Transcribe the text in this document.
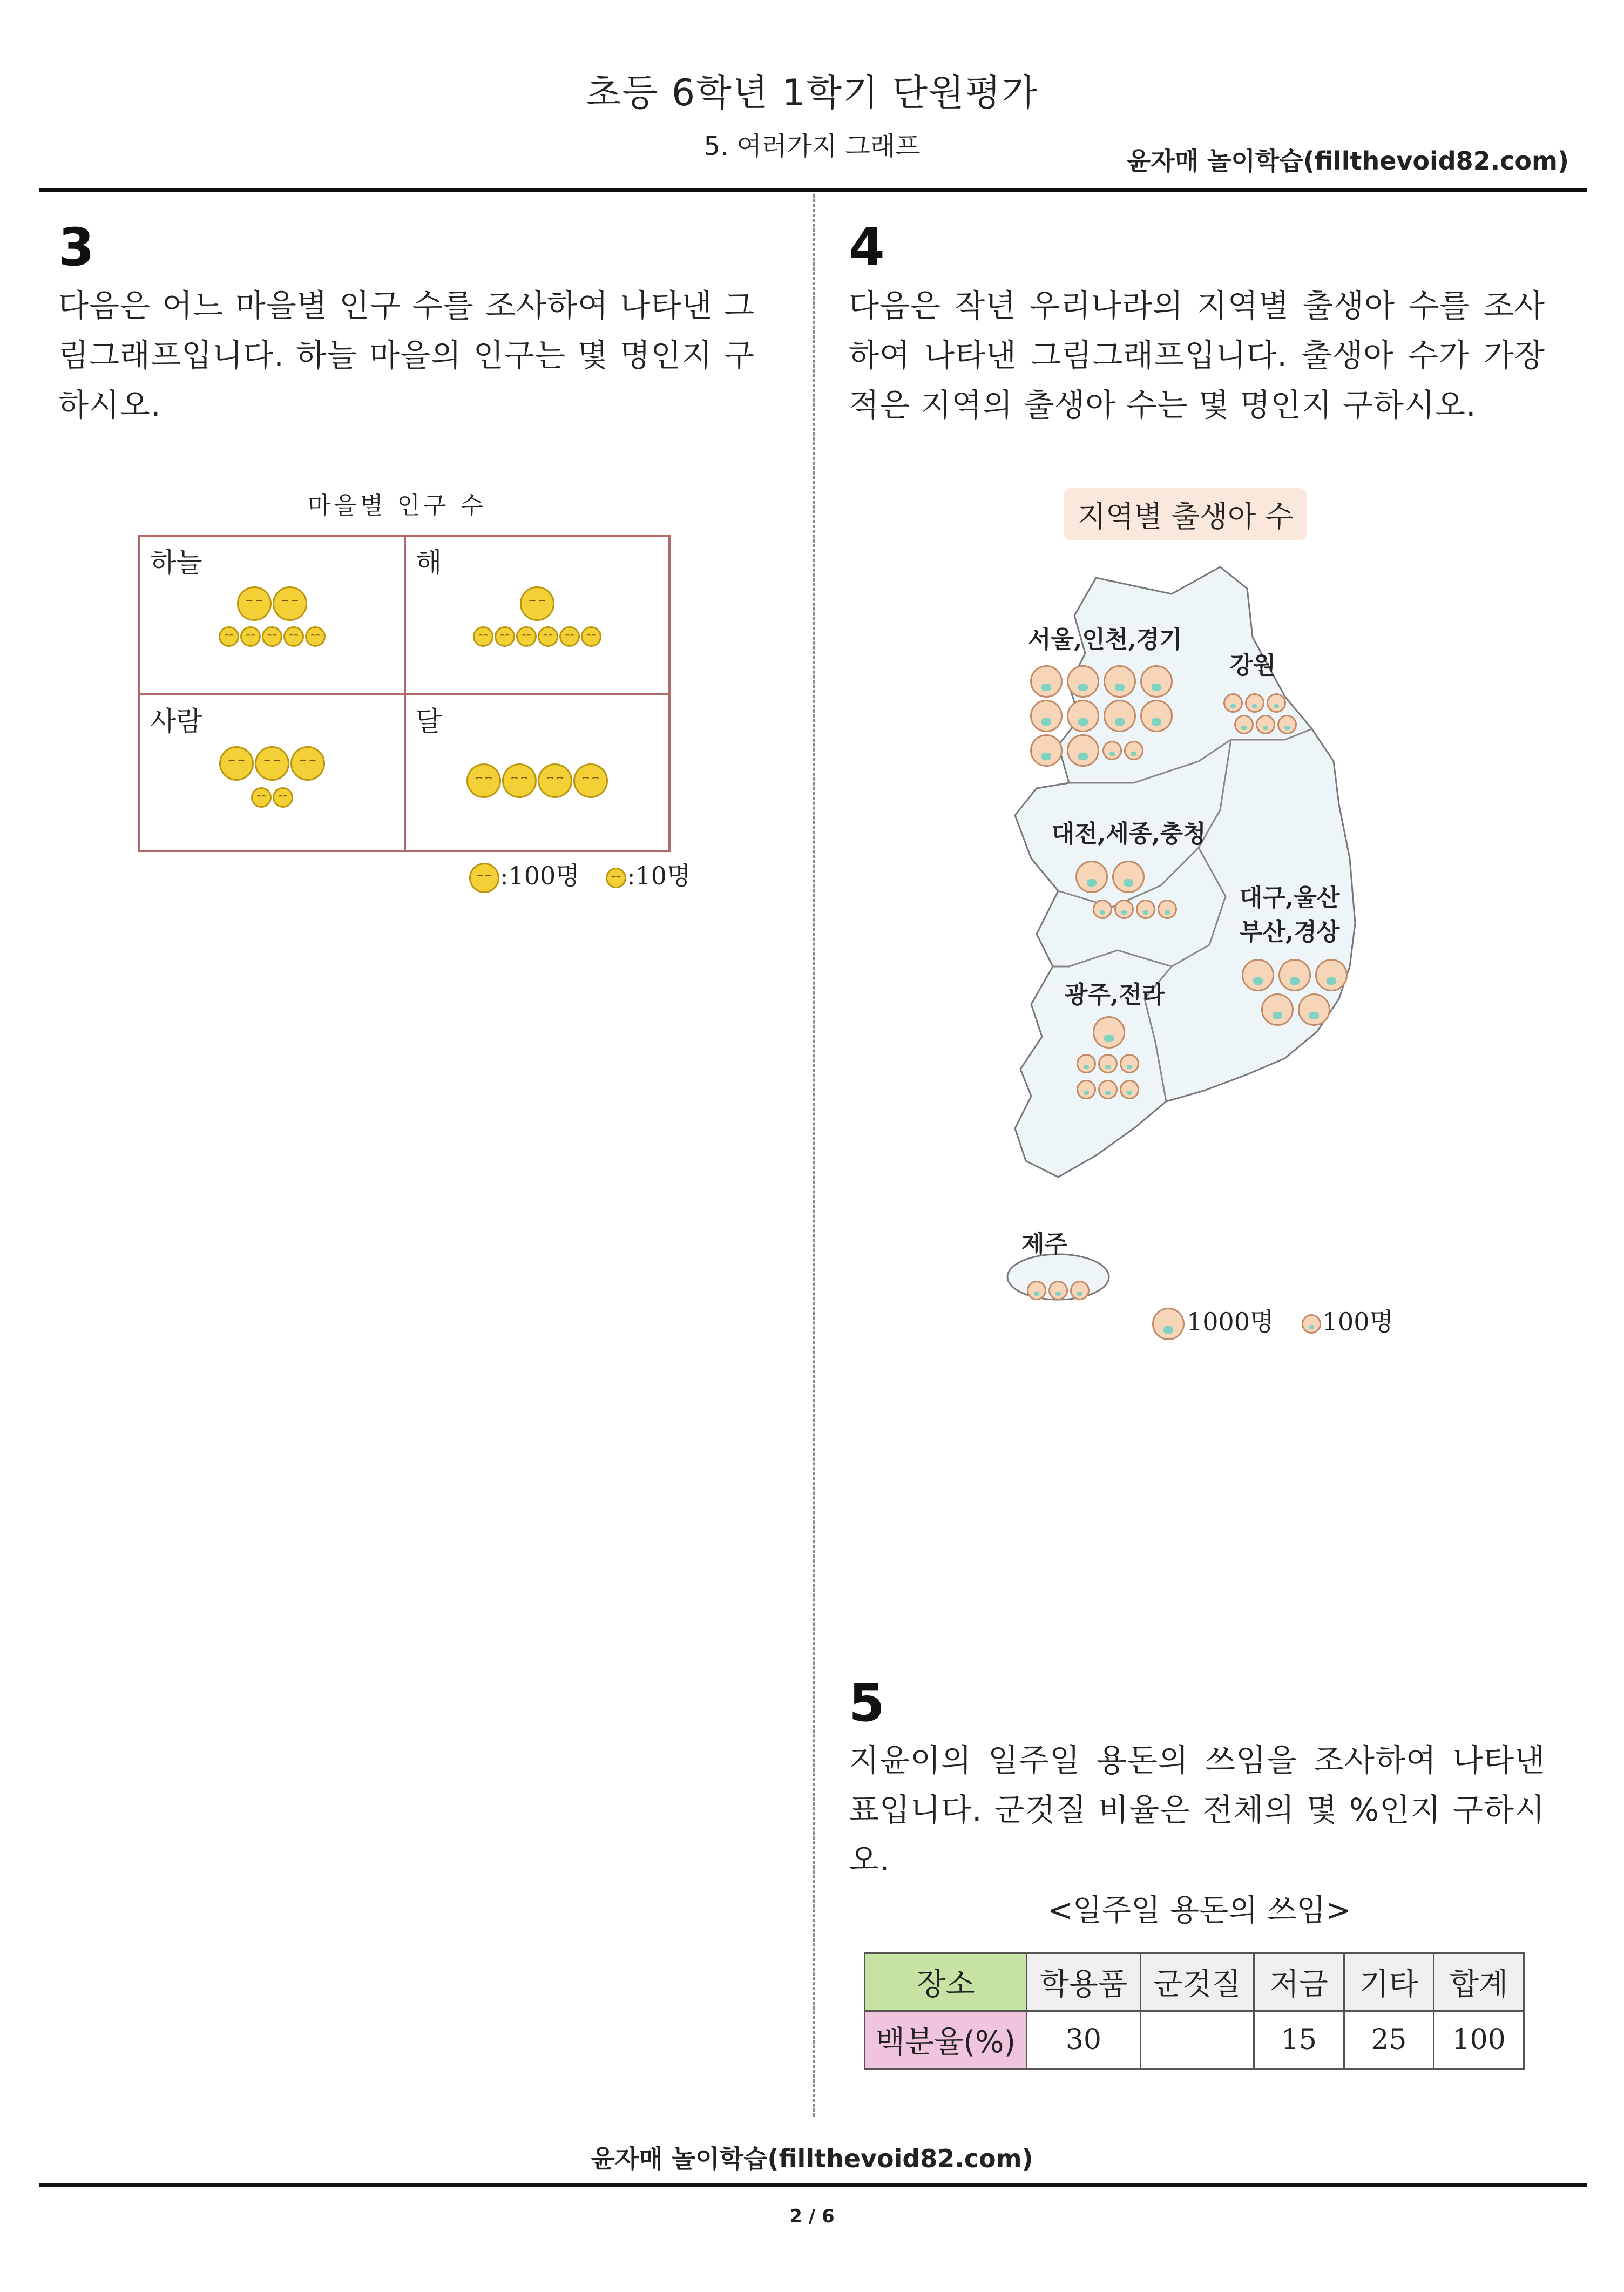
초등 6학년 1학기 단원평가
5. 여러가지 그래프	윤자매 놀이학습(fillthevoid82.com)
3
다음은 어느 마을별 인구 수를 조사하여 나타낸 그림그래프입니다. 하늘 마을의 인구는 몇 명인지 구하시오.
마을별 인구 수
하늘	해
사람	달
:100명 :10명
4
다음은 작년 우리나라의 지역별 출생아 수를 조사하여 나타낸 그림그래프입니다. 출생아 수가 가장 적은 지역의 출생아 수는 몇 명인지 구하시오.
지역별 출생아 수
서울,인천,경기
강원
대전,세종,충청
대구,울산
부산,경상
광주,전라
제주
1000명 100명
5
지윤이의 일주일 용돈의 쓰임을 조사하여 나타낸 표입니다. 군것질 비율은 전체의 몇 %인지 구하시오.
<일주일 용돈의 쓰임>
장소	학용품	군것질	저금	기타	합계
백분율(%)	30		15	25	100
윤자매 놀이학습(fillthevoid82.com)
2 / 6
